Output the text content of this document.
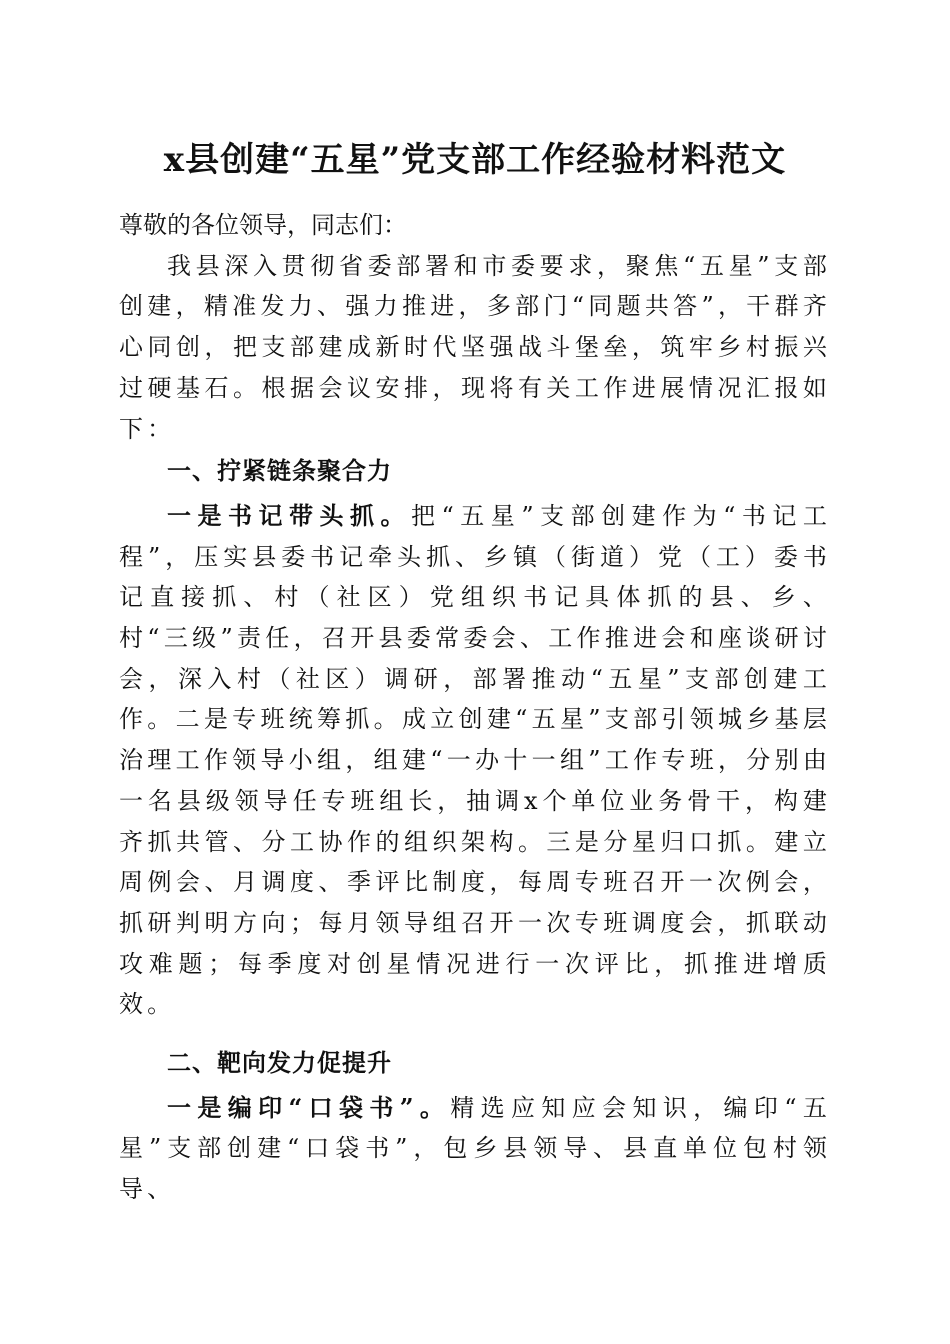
x县创建“五星”党支部工作经验材料范文

尊敬的各位领导，同志们：

我县深入贯彻省委部署和市委要求，聚焦“五星”支部创建，精准发力、强力推进，多部门“同题共答”，干群齐心同创，把支部建成新时代坚强战斗堡垒，筑牢乡村振兴过硬基石。根据会议安排，现将有关工作进展情况汇报如下：

一、拧紧链条聚合力

一是书记带头抓。把“五星”支部创建作为“书记工程”，压实县委书记牵头抓、乡镇（街道）党（工）委书记直接抓、村（社区）党组织书记具体抓的县、乡、村“三级”责任，召开县委常委会、工作推进会和座谈研讨会，深入村（社区）调研，部署推动“五星”支部创建工作。二是专班统筹抓。成立创建“五星”支部引领城乡基层治理工作领导小组，组建“一办十一组”工作专班，分别由一名县级领导任专班组长，抽调x个单位业务骨干，构建齐抓共管、分工协作的组织架构。三是分星归口抓。建立周例会、月调度、季评比制度，每周专班召开一次例会，抓研判明方向；每月领导组召开一次专班调度会，抓联动攻难题；每季度对创星情况进行一次评比，抓推进增质效。

二、靶向发力促提升

一是编印“口袋书”。精选应知应会知识，编印“五星”支部创建“口袋书”，包乡县领导、县直单位包村领导、
